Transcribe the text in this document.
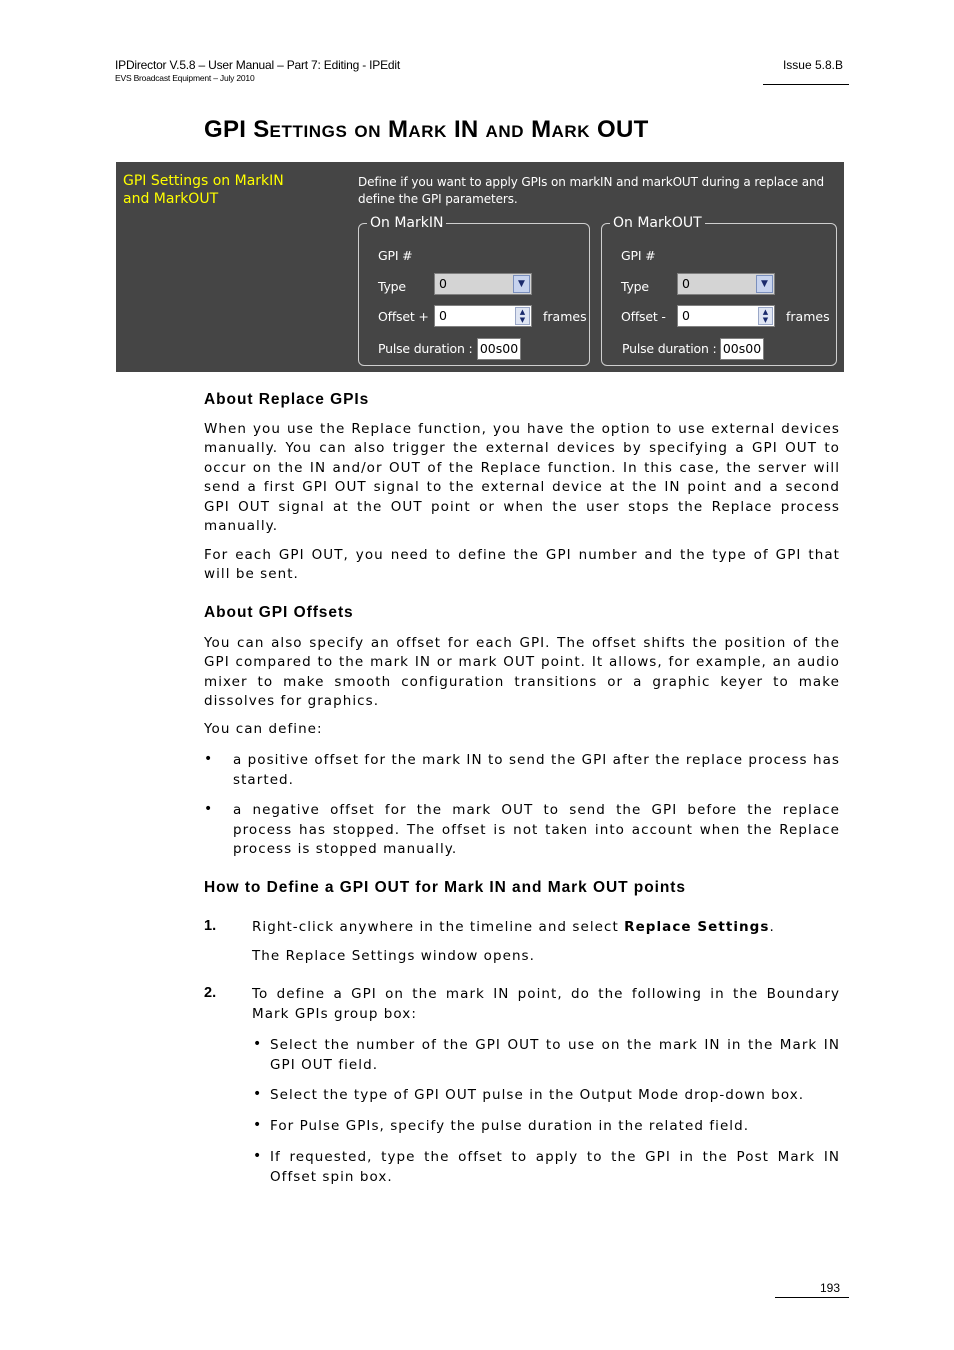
IPDirector V.5.8 – User Manual – Part 7: Editing - IPEdit
EVS Broadcast Equipment – July 2010
Issue 5.8.B
GPI SETTINGS ON MARK IN AND MARK OUT
GPI Settings on MarkIN
and MarkOUT
Define if you want to apply GPIs on markIN and markOUT during a replace and define the GPI parameters.
On MarkIN
GPI #
Type	0	▼
Offset + 0	▲
▼	frames
Pulse duration : 00s00
On MarkOUT
GPI #
Type	0	▼
Offset - 0	▲
▼	frames
Pulse duration : 00s00
About Replace GPIs
When you use the Replace function, you have the option to use external devices manually. You can also trigger the external devices by specifying a GPI OUT to occur on the IN and/or OUT of the Replace function. In this case, the server will send a first GPI OUT signal to the external device at the IN point and a second GPI OUT signal at the OUT point or when the user stops the Replace process manually.
For each GPI OUT, you need to define the GPI number and the type of GPI that will be sent.
About GPI Offsets
You can also specify an offset for each GPI. The offset shifts the position of the GPI compared to the mark IN or mark OUT point. It allows, for example, an audio mixer to make smooth configuration transitions or a graphic keyer to make dissolves for graphics.
You can define:
• a positive offset for the mark IN to send the GPI after the replace process has started.
• a negative offset for the mark OUT to send the GPI before the replace process has stopped. The offset is not taken into account when the Replace process is stopped manually.
How to Define a GPI OUT for Mark IN and Mark OUT points
1.	Right-click anywhere in the timeline and select Replace Settings.
The Replace Settings window opens.
2.	To define a GPI on the mark IN point, do the following in the Boundary Mark GPIs group box:
• Select the number of the GPI OUT to use on the mark IN in the Mark IN GPI OUT field.
• Select the type of GPI OUT pulse in the Output Mode drop-down box.
• For Pulse GPIs, specify the pulse duration in the related field.
• If requested, type the offset to apply to the GPI in the Post Mark IN Offset spin box.
193
